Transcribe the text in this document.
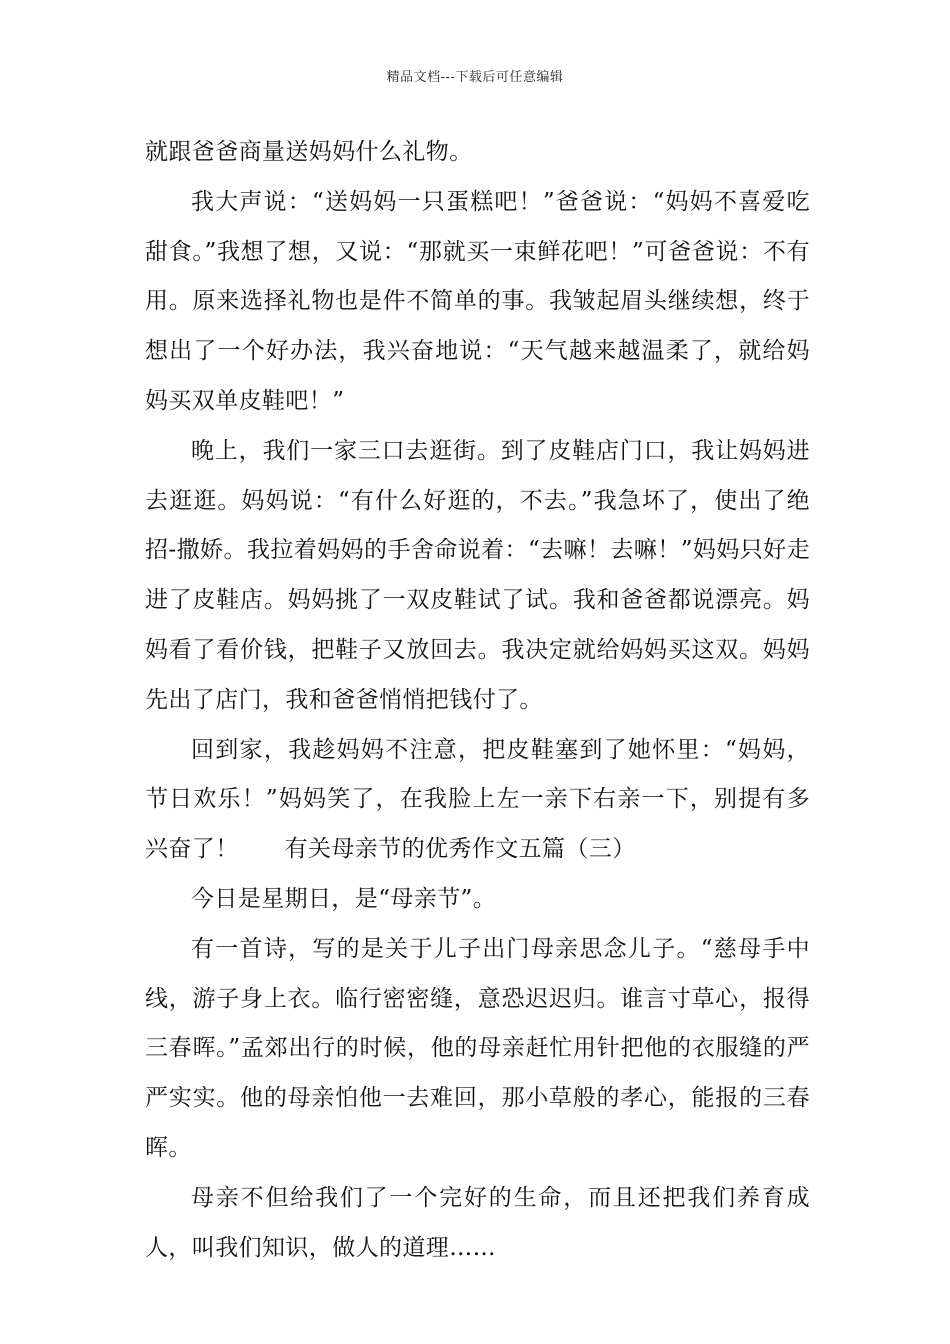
精品文档---下载后可任意编辑

就跟爸爸商量送妈妈什么礼物。

我大声说：“送妈妈一只蛋糕吧！”爸爸说：“妈妈不喜爱吃甜食。”我想了想，又说：“那就买一束鲜花吧！”可爸爸说：不有用。原来选择礼物也是件不简单的事。我皱起眉头继续想，终于想出了一个好办法，我兴奋地说：“天气越来越温柔了，就给妈妈买双单皮鞋吧！”

晚上，我们一家三口去逛街。到了皮鞋店门口，我让妈妈进去逛逛。妈妈说：“有什么好逛的，不去。”我急坏了，使出了绝招-撒娇。我拉着妈妈的手舍命说着：“去嘛！去嘛！”妈妈只好走进了皮鞋店。妈妈挑了一双皮鞋试了试。我和爸爸都说漂亮。妈妈看了看价钱，把鞋子又放回去。我决定就给妈妈买这双。妈妈先出了店门，我和爸爸悄悄把钱付了。

回到家，我趁妈妈不注意，把皮鞋塞到了她怀里：“妈妈，节日欢乐！”妈妈笑了，在我脸上左一亲下右亲一下，别提有多兴奋了！ 有关母亲节的优秀作文五篇（三）

今日是星期日，是“母亲节”。

有一首诗，写的是关于儿子出门母亲思念儿子。“慈母手中线，游子身上衣。临行密密缝，意恐迟迟归。谁言寸草心，报得三春晖。”孟郊出行的时候，他的母亲赶忙用针把他的衣服缝的严严实实。他的母亲怕他一去难回，那小草般的孝心，能报的三春晖。

母亲不但给我们了一个完好的生命，而且还把我们养育成人，叫我们知识，做人的道理……
